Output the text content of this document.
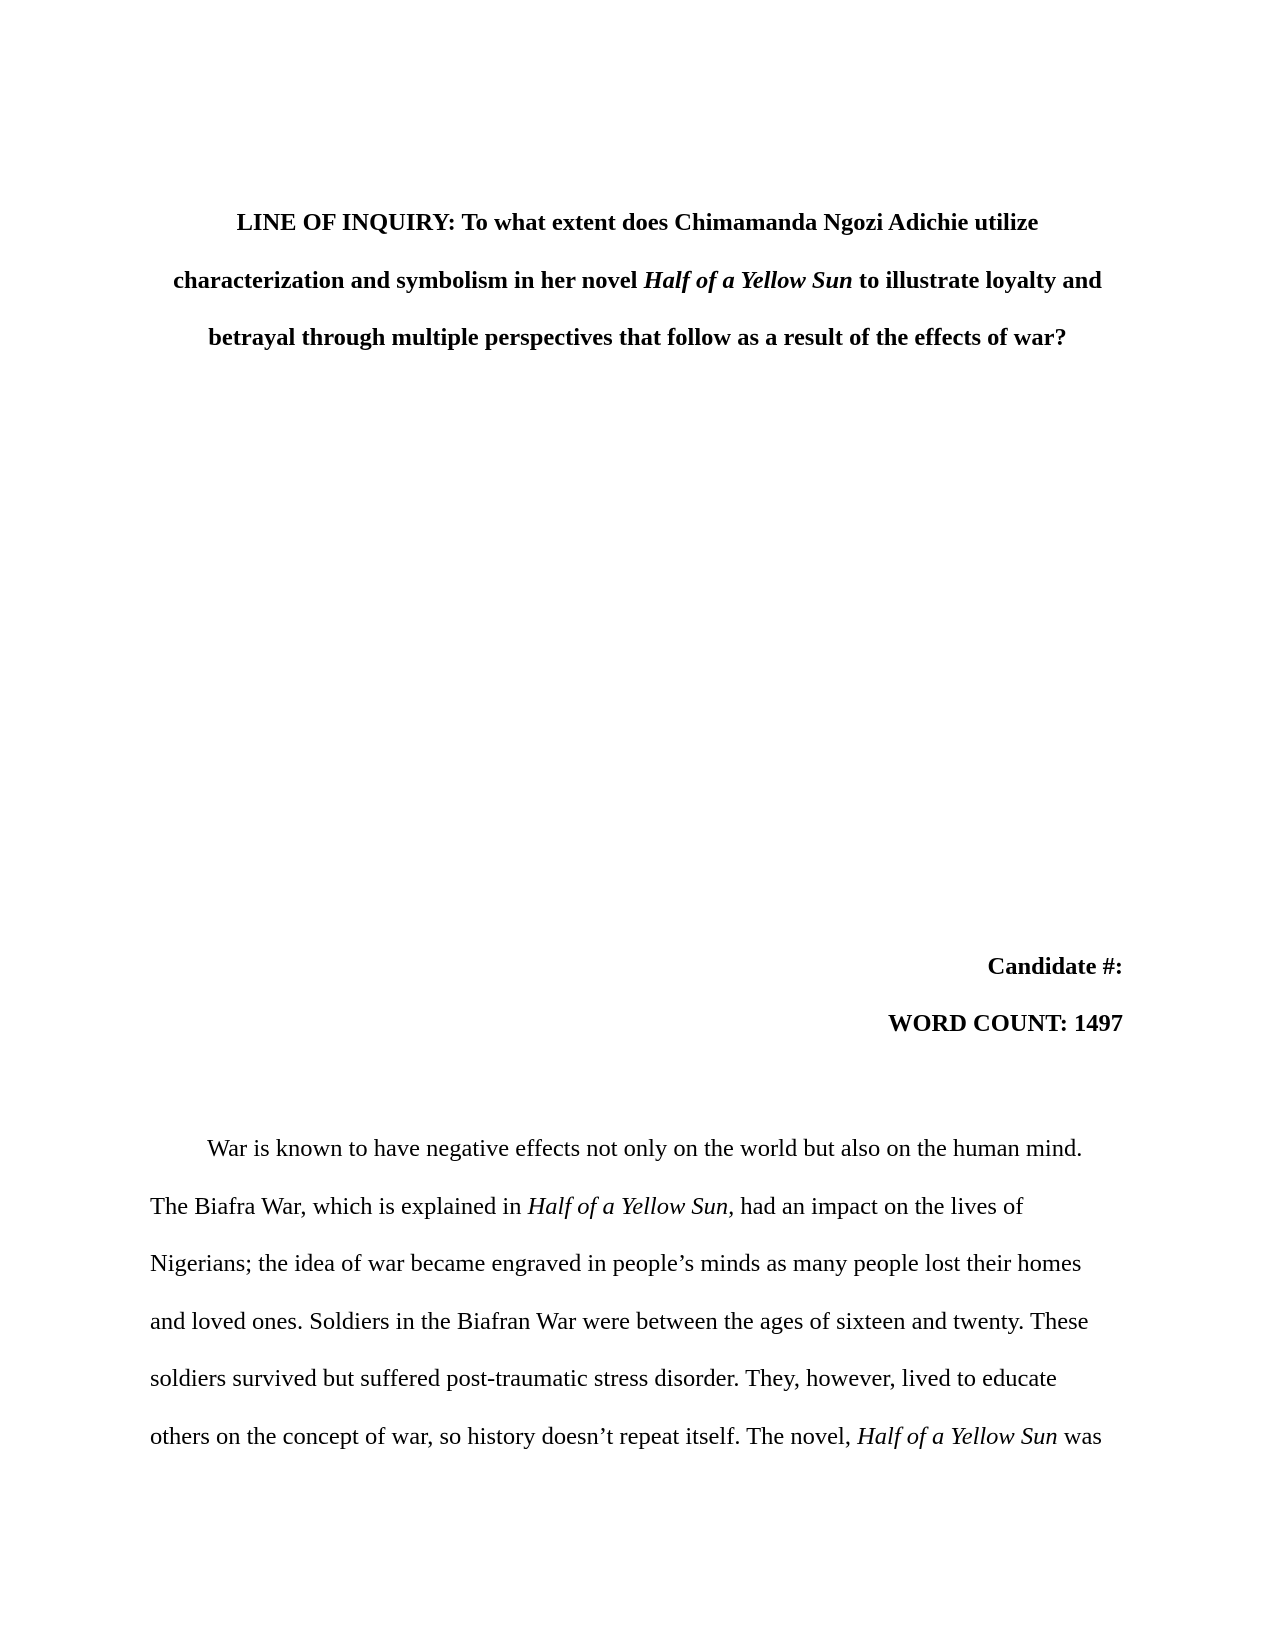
LINE OF INQUIRY: To what extent does Chimamanda Ngozi Adichie utilize
characterization and symbolism in her novel Half of a Yellow Sun to illustrate loyalty and
betrayal through multiple perspectives that follow as a result of the effects of war?

Candidate #:

WORD COUNT: 1497

War is known to have negative effects not only on the world but also on the human mind.
The Biafra War, which is explained in Half of a Yellow Sun, had an impact on the lives of
Nigerians; the idea of war became engraved in people’s minds as many people lost their homes
and loved ones. Soldiers in the Biafran War were between the ages of sixteen and twenty. These
soldiers survived but suffered post-traumatic stress disorder. They, however, lived to educate
others on the concept of war, so history doesn’t repeat itself. The novel, Half of a Yellow Sun was
